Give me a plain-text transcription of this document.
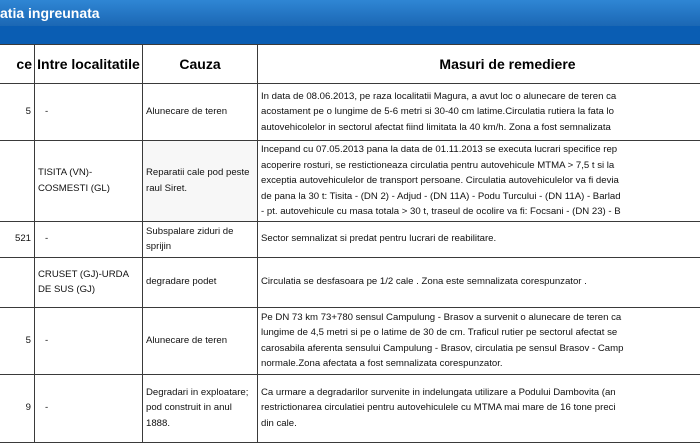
atia ingreunata
ce	Intre localitatile	Cauza	Masuri de remediere
5	-	Alunecare de teren	In data de 08.06.2013, pe raza localitatii Magura, a avut loc o alunecare de teren ca
acostament pe o lungime de 5-6 metri si 30-40 cm latime.Circulatia rutiera la fata lo
autovehicolelor in sectorul afectat fiind limitata la 40 km/h. Zona a fost semnalizata

	TISITA (VN)-COSMESTI (GL)	Reparatii cale pod peste raul Siret.	Incepand cu 07.05.2013 pana la data de 01.11.2013 se executa lucrari specifice rep
acoperire rosturi, se restictioneaza circulatia pentru autovehicule MTMA > 7,5 t si la
exceptia autovehiculelor de transport persoane. Circulatia autovehiculelor va fi devia
de pana la 30 t: Tisita - (DN 2) - Adjud - (DN 11A) - Podu Turcului - (DN 11A) - Barlad
- pt. autovehicule cu masa totala > 30 t, traseul de ocolire va fi: Focsani - (DN 23) - B

521	-	Subspalare ziduri de sprijin	Sector semnalizat si predat pentru lucrari de reabilitare.

	CRUSET (GJ)-URDA DE SUS (GJ)	degradare podet	Circulatia se desfasoara pe 1/2 cale . Zona este semnalizata corespunzator .

5	-	Alunecare de teren	Pe DN 73 km 73+780 sensul Campulung - Brasov a survenit o alunecare de teren ca
lungime de 4,5 metri si pe o latime de 30 de cm. Traficul rutier pe sectorul afectat se
carosabila aferenta sensului Campulung - Brasov, circulatia pe sensul Brasov - Camp
normale.Zona afectata a fost semnalizata corespunzator.

9	-	Degradari in exploatare; pod construit in anul 1888.	Ca urmare a degradarilor survenite in indelungata utilizare a Podului Dambovita (an
restrictionarea circulatiei pentru autovehiculele cu MTMA mai mare de 16 tone preci
din cale.
